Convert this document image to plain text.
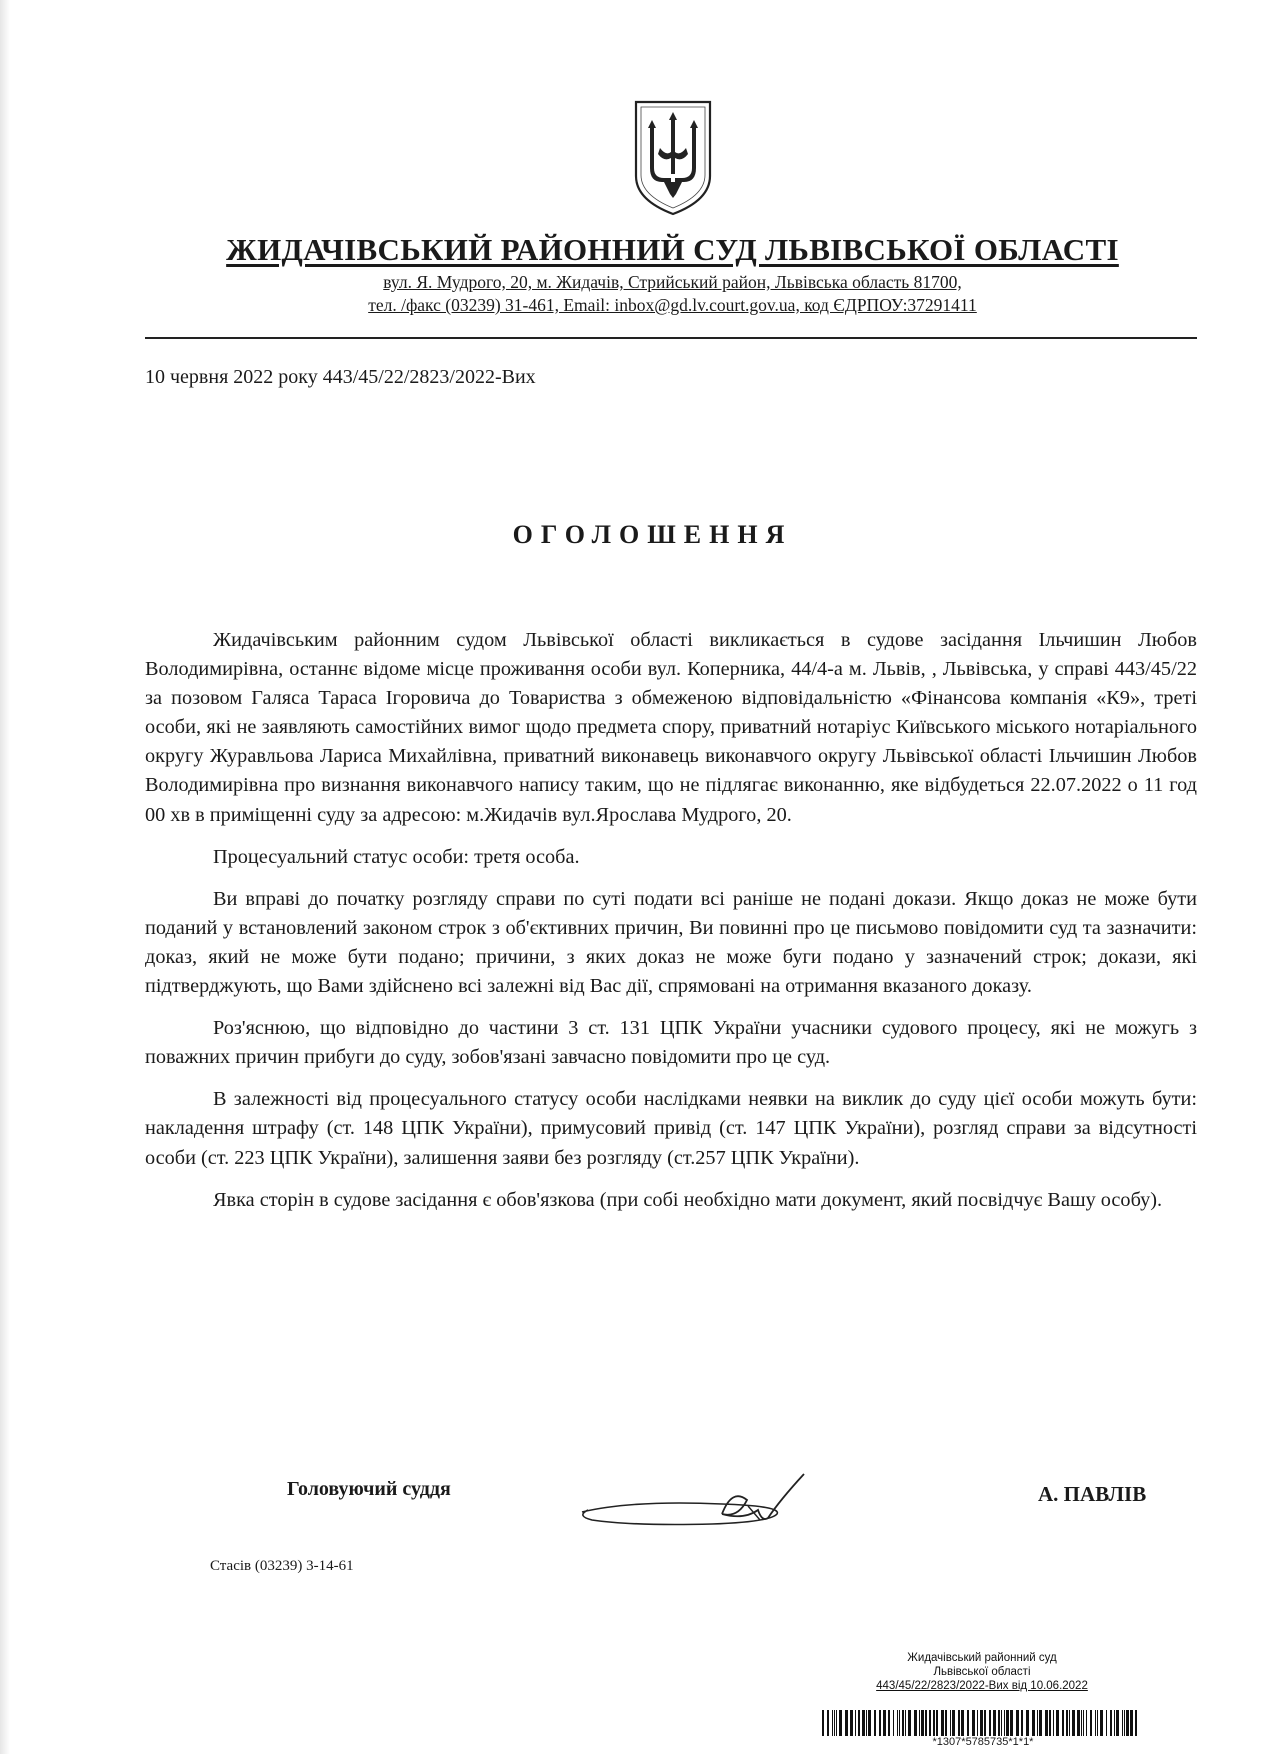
ЖИДАЧІВСЬКИЙ РАЙОННИЙ СУД ЛЬВІВСЬКОЇ ОБЛАСТІ
вул. Я. Мудрого, 20, м. Жидачів, Стрийський район, Львівська область 81700,
тел. /факс (03239) 31-461, Email: inbox@gd.lv.court.gov.ua, код ЄДРПОУ:37291411
10 червня 2022 року 443/45/22/2823/2022-Вих
ОГОЛОШЕННЯ

Жидачівським районним судом Львівської області викликається в судове засідання Ільчишин Любов Володимирівна, останнє відоме місце проживання особи вул. Коперника, 44/4-а м. Львів, , Львівська, у справі 443/45/22 за позовом Галяса Тараса Ігоровича до Товариства з обмеженою відповідальністю «Фінансова компанія «К9», треті особи, які не заявляють самостійних вимог щодо предмета спору, приватний нотаріус Київського міського нотаріального округу Журавльова Лариса Михайлівна, приватний виконавець виконавчого округу Львівської області Ільчишин Любов Володимирівна про визнання виконавчого напису таким, що не підлягає виконанню, яке відбудеться 22.07.2022 о 11 год 00 хв в приміщенні суду за адресою: м.Жидачів вул.Ярослава Мудрого, 20.

Процесуальний статус особи: третя особа.

Ви вправі до початку розгляду справи по суті подати всі раніше не подані докази. Якщо доказ не може бути поданий у встановлений законом строк з об'єктивних причин, Ви повинні про це письмово повідомити суд та зазначити: доказ, який не може бути подано; причини, з яких доказ не може буги подано у зазначений строк; докази, які підтверджують, що Вами здійснено всі залежні від Вас дії, спрямовані на отримання вказаного доказу.

Роз'яснюю, що відповідно до частини 3 ст. 131 ЦПК України учасники судового процесу, які не можугь з поважних причин прибуги до суду, зобов'язані завчасно повідомити про це суд.

В залежності від процесуального статусу особи наслідками неявки на виклик до суду цієї особи можуть бути: накладення штрафу (ст. 148 ЦПК України), примусовий привід (ст. 147 ЦПК України), розгляд справи за відсутності особи (ст. 223 ЦПК України), залишення заяви без розгляду (ст.257 ЦПК України).

Явка сторін в судове засідання є обов'язкова (при собі необхідно мати документ, який посвідчує Вашу особу).

Головуючий суддя	А. ПАВЛІВ
Стасів (03239) 3-14-61
Жидачівський районний суд
Львівської області
443/45/22/2823/2022-Вих від 10.06.2022
*1307*5785735*1*1*
